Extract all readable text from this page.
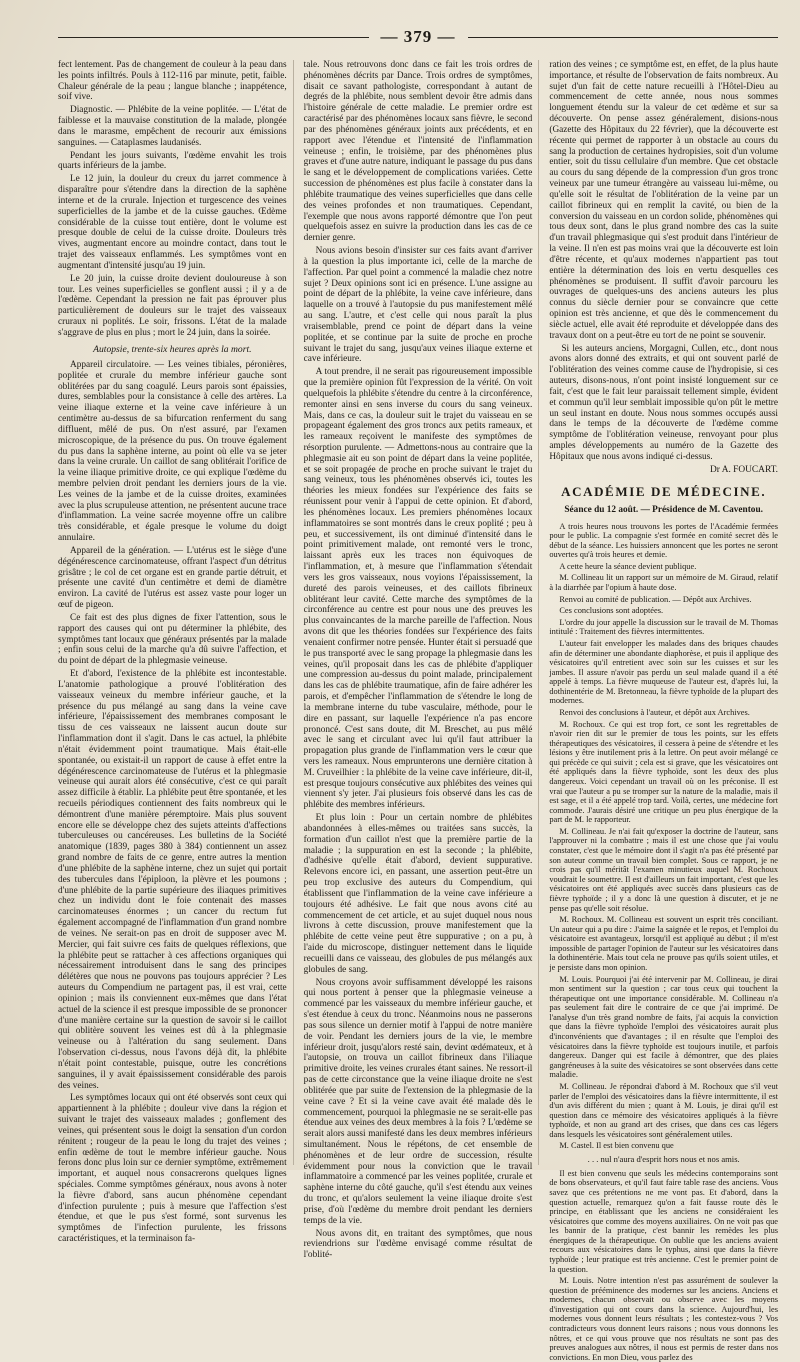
— 379 —

fect lentement. Pas de changement de couleur à la peau dans les points infiltrés. Pouls à 112-116 par minute, petit, faible. Chaleur générale de la peau ; langue blanche ; inappétence, soif vive.

Diagnostic. — Phlébite de la veine poplitée. — L'état de faiblesse et la mauvaise constitution de la malade, plongée dans le marasme, empêchent de recourir aux émissions sanguines. — Cataplasmes laudanisés.

Pendant les jours suivants, l'œdème envahit les trois quarts inférieurs de la jambe.

Le 12 juin, la douleur du creux du jarret commence à disparaître pour s'étendre dans la direction de la saphène interne et de la crurale. Injection et turgescence des veines superficielles de la jambe et de la cuisse gauches. Œdème considérable de la cuisse tout entière, dont le volume est presque double de celui de la cuisse droite. Douleurs très vives, augmentant encore au moindre contact, dans tout le trajet des vaisseaux enflammés. Les symptômes vont en augmentant d'intensité jusqu'au 19 juin.

Le 20 juin, la cuisse droite devient douloureuse à son tour. Les veines superficielles se gonflent aussi ; il y a de l'œdème. Cependant la pression ne fait pas éprouver plus particulièrement de douleurs sur le trajet des vaisseaux cruraux ni poplités. Le soir, frissons. L'état de la malade s'aggrave de plus en plus ; mort le 24 juin, dans la soirée.

Autopsie, trente-six heures après la mort.

Appareil circulatoire. — Les veines tibiales, péronières, poplitée et crurale du membre inférieur gauche sont oblitérées par du sang coagulé. Leurs parois sont épaissies, dures, semblables pour la consistance à celle des artères. La veine iliaque externe et la veine cave inférieure à un centimètre au-dessus de sa bifurcation renferment du sang diffluent, mêlé de pus. On n'est assuré, par l'examen microscopique, de la présence du pus. On trouve également du pus dans la saphène interne, au point où elle va se jeter dans la veine crurale. Un caillot de sang oblitérait l'orifice de la veine iliaque primitive droite, ce qui explique l'œdème du membre pelvien droit pendant les derniers jours de la vie. Les veines de la jambe et de la cuisse droites, examinées avec la plus scrupuleuse attention, ne présentent aucune trace d'inflammation. La veine sacrée moyenne offre un calibre très considérable, et égale presque le volume du doigt annulaire.

Appareil de la génération. — L'utérus est le siège d'une dégénérescence carcinomateuse, offrant l'aspect d'un détritus grisâtre ; le col de cet organe est en grande partie détruit, et présente une cavité d'un centimètre et demi de diamètre environ. La cavité de l'utérus est assez vaste pour loger un œuf de pigeon.

Ce fait est des plus dignes de fixer l'attention, sous le rapport des causes qui ont pu déterminer la phlébite, des symptômes tant locaux que généraux présentés par la malade ; enfin sous celui de la marche qu'a dû suivre l'affection, et du point de départ de la phlegmasie veineuse.

Et d'abord, l'existence de la phlébite est incontestable. L'anatomie pathologique a prouvé l'oblitération des vaisseaux veineux du membre inférieur gauche, et la présence du pus mélangé au sang dans la veine cave inférieure, l'épaississement des membranes composant le tissu de ces vaisseaux ne laissent aucun doute sur l'inflammation dont il s'agit. Dans le cas actuel, la phlébite n'était évidemment point traumatique. Mais était-elle spontanée, ou existait-il un rapport de cause à effet entre la dégénérescence carcinomateuse de l'utérus et la phlegmasie veineuse qui aurait alors été consécutive, c'est ce qui paraît assez difficile à établir. La phlébite peut être spontanée, et les recueils périodiques contiennent des faits nombreux qui le démontrent d'une manière péremptoire. Mais plus souvent encore elle se développe chez des sujets atteints d'affections tuberculeuses ou cancéreuses. Les bulletins de la Société anatomique (1839, pages 380 à 384) contiennent un assez grand nombre de faits de ce genre, entre autres la mention d'une phlébite de la saphène interne, chez un sujet qui portait des tubercules dans l'épiploon, la plèvre et les poumons ; d'une phlébite de la partie supérieure des iliaques primitives chez un individu dont le foie contenait des masses carcinomateuses énormes ; un cancer du rectum fut également accompagné de l'inflammation d'un grand nombre de veines. Ne serait-on pas en droit de supposer avec M. Mercier, qui fait suivre ces faits de quelques réflexions, que la phlébite peut se rattacher à ces affections organiques qui nécessairement introduisent dans le sang des principes délétères que nous ne pouvons pas toujours apprécier ? Les auteurs du Compendium ne partagent pas, il est vrai, cette opinion ; mais ils conviennent eux-mêmes que dans l'état actuel de la science il est presque impossible de se prononcer d'une manière certaine sur la question de savoir si le caillot qui oblitère souvent les veines est dû à la phlegmasie veineuse ou à l'altération du sang seulement. Dans l'observation ci-dessus, nous l'avons déjà dit, la phlébite n'était point contestable, puisque, outre les concrétions sanguines, il y avait épaississement considérable des parois des veines.

Les symptômes locaux qui ont été observés sont ceux qui appartiennent à la phlébite ; douleur vive dans la région et suivant le trajet des vaisseaux malades ; gonflement des veines, qui présentent sous le doigt la sensation d'un cordon rénitent ; rougeur de la peau le long du trajet des veines ; enfin œdème de tout le membre inférieur gauche. Nous ferons donc plus loin sur ce dernier symptôme, extrêmement important, et auquel nous consacrerons quelques lignes spéciales. Comme symptômes généraux, nous avons à noter la fièvre d'abord, sans aucun phénomène cependant d'infection purulente ; puis à mesure que l'affection s'est étendue, et que le pus s'est formé, sont survenus les symptômes de l'infection purulente, les frissons caractéristiques, et la terminaison fa-

tale. Nous retrouvons donc dans ce fait les trois ordres de phénomènes décrits par Dance. Trois ordres de symptômes, disait ce savant pathologiste, correspondant à autant de degrés de la phlébite, nous semblent devoir être admis dans l'histoire générale de cette maladie. Le premier ordre est caractérisé par des phénomènes locaux sans fièvre, le second par des phénomènes généraux joints aux précédents, et en rapport avec l'étendue et l'intensité de l'inflammation veineuse ; enfin, le troisième, par des phénomènes plus graves et d'une autre nature, indiquant le passage du pus dans le sang et le développement de complications variées. Cette succession de phénomènes est plus facile à constater dans la phlébite traumatique des veines superficielles que dans celle des veines profondes et non traumatiques. Cependant, l'exemple que nous avons rapporté démontre que l'on peut quelquefois assez en suivre la production dans les cas de ce dernier genre.

Nous avions besoin d'insister sur ces faits avant d'arriver à la question la plus importante ici, celle de la marche de l'affection. Par quel point a commencé la maladie chez notre sujet ? Deux opinions sont ici en présence. L'une assigne au point de départ de la phlébite, la veine cave inférieure, dans laquelle on a trouvé à l'autopsie du pus manifestement mêlé au sang. L'autre, et c'est celle qui nous paraît la plus vraisemblable, prend ce point de départ dans la veine poplitée, et se continue par la suite de proche en proche suivant le trajet du sang, jusqu'aux veines iliaque externe et cave inférieure.

A tout prendre, il ne serait pas rigoureusement impossible que la première opinion fût l'expression de la vérité. On voit quelquefois la phlébite s'étendre du centre à la circonférence, remonter ainsi en sens inverse du cours du sang veineux. Mais, dans ce cas, la douleur suit le trajet du vaisseau en se propageant également des gros troncs aux petits rameaux, et les rameaux reçoivent le manifeste des symptômes de résorption purulente. — Admettons-nous au contraire que la phlegmasie ait eu son point de départ dans la veine poplitée, et se soit propagée de proche en proche suivant le trajet du sang veineux, tous les phénomènes observés ici, toutes les théories les mieux fondées sur l'expérience des faits se réunissent pour venir à l'appui de cette opinion. Et d'abord, les phénomènes locaux. Les premiers phénomènes locaux inflammatoires se sont montrés dans le creux poplité ; peu à peu, et successivement, ils ont diminué d'intensité dans le point primitivement malade, ont remonté vers le tronc, laissant après eux les traces non équivoques de l'inflammation, et, à mesure que l'inflammation s'étendait vers les gros vaisseaux, nous voyions l'épaississement, la dureté des parois veineuses, et des caillots fibrineux oblitérant leur cavité. Cette marche des symptômes de la circonférence au centre est pour nous une des preuves les plus convaincantes de la marche pareille de l'affection. Nous avons dit que les théories fondées sur l'expérience des faits venaient confirmer notre pensée. Hunter était si persuadé que le pus transporté avec le sang propage la phlegmasie dans les veines, qu'il proposait dans les cas de phlébite d'appliquer une compression au-dessus du point malade, principalement dans les cas de phlébite traumatique, afin de faire adhérer les parois, et d'empêcher l'inflammation de s'étendre le long de la membrane interne du tube vasculaire, méthode, pour le dire en passant, sur laquelle l'expérience n'a pas encore prononcé. C'est sans doute, dit M. Breschet, au pus mêlé avec le sang et circulant avec lui qu'il faut attribuer la propagation plus grande de l'inflammation vers le cœur que vers les rameaux. Nous emprunterons une dernière citation à M. Cruveilhier : la phlébite de la veine cave inférieure, dit-il, est presque toujours consécutive aux phlébites des veines qui viennent s'y jeter. J'ai plusieurs fois observé dans les cas de phlébite des membres inférieurs.

Et plus loin : Pour un certain nombre de phlébites abandonnées à elles-mêmes ou traitées sans succès, la formation d'un caillot n'est que la première partie de la maladie ; la suppuration en est la seconde ; la phlébite, d'adhésive qu'elle était d'abord, devient suppurative. Relevons encore ici, en passant, une assertion peut-être un peu trop exclusive des auteurs du Compendium, qui établissent que l'inflammation de la veine cave inférieure a toujours été adhésive. Le fait que nous avons cité au commencement de cet article, et au sujet duquel nous nous livrons à cette discussion, prouve manifestement que la phlébite de cette veine peut être suppurative ; on a pu, à l'aide du microscope, distinguer nettement dans le liquide recueilli dans ce vaisseau, des globules de pus mélangés aux globules de sang.

Nous croyons avoir suffisamment développé les raisons qui nous portent à penser que la phlegmasie veineuse a commencé par les vaisseaux du membre inférieur gauche, et s'est étendue à ceux du tronc. Néanmoins nous ne passerons pas sous silence un dernier motif à l'appui de notre manière de voir. Pendant les derniers jours de la vie, le membre inférieur droit, jusqu'alors resté sain, devint œdémateux, et à l'autopsie, on trouva un caillot fibrineux dans l'iliaque primitive droite, les veines crurales étant saines. Ne ressort-il pas de cette circonstance que la veine iliaque droite ne s'est oblitérée que par suite de l'extension de la phlegmasie de la veine cave ? Et si la veine cave avait été malade dès le commencement, pourquoi la phlegmasie ne se serait-elle pas étendue aux veines des deux membres à la fois ? L'œdème se serait alors aussi manifesté dans les deux membres inférieurs simultanément. Nous le répétons, de cet ensemble de phénomènes et de leur ordre de succession, résulte évidemment pour nous la conviction que le travail inflammatoire a commencé par les veines poplitée, crurale et saphène interne du côté gauche, qu'il s'est étendu aux veines du tronc, et qu'alors seulement la veine iliaque droite s'est prise, d'où l'œdème du membre droit pendant les derniers temps de la vie.

Nous avons dit, en traitant des symptômes, que nous reviendrions sur l'œdème envisagé comme résultat de l'oblité-

ration des veines ; ce symptôme est, en effet, de la plus haute importance, et résulte de l'observation de faits nombreux. Au sujet d'un fait de cette nature recueilli à l'Hôtel-Dieu au commencement de cette année, nous nous sommes longuement étendu sur la valeur de cet œdème et sur sa découverte. On pense assez généralement, disions-nous (Gazette des Hôpitaux du 22 février), que la découverte est récente qui permet de rapporter à un obstacle au cours du sang la production de certaines hydropisies, soit d'un volume entier, soit du tissu cellulaire d'un membre. Que cet obstacle au cours du sang dépende de la compression d'un gros tronc veineux par une tumeur étrangère au vaisseau lui-même, ou qu'elle soit le résultat de l'oblitération de la veine par un caillot fibrineux qui en remplit la cavité, ou bien de la conversion du vaisseau en un cordon solide, phénomènes qui tous deux sont, dans le plus grand nombre des cas la suite d'un travail phlegmasique qui s'est produit dans l'intérieur de la veine. Il n'en est pas moins vrai que la découverte est loin d'être récente, et qu'aux modernes n'appartient pas tout entière la détermination des lois en vertu desquelles ces phénomènes se produisent. Il suffit d'avoir parcouru les ouvrages de quelques-uns des anciens auteurs les plus connus du siècle dernier pour se convaincre que cette opinion est très ancienne, et que dès le commencement du siècle actuel, elle avait été reproduite et développée dans des travaux dont on a peut-être eu tort de ne point se souvenir.

Si les auteurs anciens, Morgagni, Cullen, etc., dont nous avons alors donné des extraits, et qui ont souvent parlé de l'oblitération des veines comme cause de l'hydropisie, si ces auteurs, disons-nous, n'ont point insisté longuement sur ce fait, c'est que le fait leur paraissait tellement simple, évident et commun qu'il leur semblait impossible qu'on pût le mettre un seul instant en doute. Nous nous sommes occupés aussi dans le temps de la découverte de l'œdème comme symptôme de l'oblitération veineuse, renvoyant pour plus amples développements au numéro de la Gazette des Hôpitaux que nous avons indiqué ci-dessus.

Dr A. FOUCART.
ACADÉMIE DE MÉDECINE.
Séance du 12 août. — Présidence de M. Caventou.

A trois heures nous trouvons les portes de l'Académie fermées pour le public. La compagnie s'est formée en comité secret dès le début de la séance. Les huissiers annoncent que les portes ne seront ouvertes qu'à trois heures et demie.

A cette heure la séance devient publique.

M. Collineau lit un rapport sur un mémoire de M. Giraud, relatif à la diarrhée par l'opium à haute dose.

Renvoi au comité de publication. — Dépôt aux Archives.

Ces conclusions sont adoptées.

L'ordre du jour appelle la discussion sur le travail de M. Thomas intitulé : Traitement des fièvres intermittentes.

L'auteur fait envelopper les malades dans des briques chaudes afin de déterminer une abondante diaphorèse, et puis il applique des vésicatoires qu'il entretient avec soin sur les cuisses et sur les jambes. Il assure n'avoir pas perdu un seul malade quand il a été appelé à temps. La fièvre muqueuse de l'auteur est, d'après lui, la dothinentérie de M. Bretonneau, la fièvre typhoïde de la plupart des modernes.

Renvoi des conclusions à l'auteur, et dépôt aux Archives.

M. Rochoux. Ce qui est trop fort, ce sont les regrettables de n'avoir rien dit sur le premier de tous les points, sur les effets thérapeutiques des vésicatoires, il cessera à peine de s'étendre et les lésions y être inutilement pris à la lettre. On peut avoir mélangé ce qui précède ce qui suivit ; cela est si grave, que les vésicatoires ont été appliqués dans la fièvre typhoïde, sont les deux des plus dangereux. Voici cependant un travail où on les préconise. Il est vrai que l'auteur a pu se tromper sur la nature de la maladie, mais il est sage, et il a été appelé trop tard. Voilà, certes, une médecine fort commode. J'aurais désiré une critique un peu plus énergique de la part de M. le rapporteur.

M. Collineau. Je n'ai fait qu'exposer la doctrine de l'auteur, sans l'approuver ni la combattre ; mais il est une chose que j'ai voulu constater, c'est que le mémoire dont il s'agit n'a pas été présenté par son auteur comme un travail bien complet. Sous ce rapport, je ne crois pas qu'il méritât l'examen minutieux auquel M. Rochoux voudrait le soumettre. Il est d'ailleurs un fait important, c'est que les vésicatoires ont été appliqués avec succès dans plusieurs cas de fièvre typhoïde ; il y a donc là une question à discuter, et je ne pense pas qu'elle soit résolue.

M. Rochoux. M. Collineau est souvent un esprit très conciliant. Un auteur qui a pu dire : J'aime la saignée et le repos, et l'emploi du vésicatoire est avantageux, lorsqu'il est appliqué au début ; il m'est impossible de partager l'opinion de l'auteur sur les vésicatoires dans la dothinentérie. Mais tout cela ne prouve pas qu'ils soient utiles, et je persiste dans mon opinion.

M. Louis. Pourquoi j'ai été intervenir par M. Collineau, je dirai mon sentiment sur la question ; car tous ceux qui touchent la thérapeutique ont une importance considérable. M. Collineau n'a pas seulement fait dire le contraire de ce que j'ai imprimé. De l'analyse d'un très grand nombre de faits, j'ai acquis la conviction que dans la fièvre typhoïde l'emploi des vésicatoires aurait plus d'inconvénients que d'avantages ; il en résulte que l'emploi des vésicatoires dans la fièvre typhoïde est toujours inutile, et parfois dangereux. Danger qui est facile à démontrer, que des plaies gangréneuses à la suite des vésicatoires se sont observées dans cette maladie.

M. Collineau. Je répondrai d'abord à M. Rochoux que s'il veut parler de l'emploi des vésicatoires dans la fièvre intermittente, il est d'un avis différent du mien ; quant à M. Louis, je dirai qu'il est question dans ce mémoire des vésicatoires appliqués à la fièvre typhoïde, et non au grand art des crises, que dans ces cas légers dans lesquels les vésicatoires sont généralement utiles.

M. Castel. Il est bien convenu que

. . . nul n'aura d'esprit hors nous et nos amis.

Il est bien convenu que seuls les médecins contemporains sont de bons observateurs, et qu'il faut faire table rase des anciens. Vous savez que ces prétentions ne me vont pas. Et d'abord, dans la question actuelle, remarquez qu'on a fait fausse route dès le principe, en établissant que les anciens ne considéraient les vésicatoires que comme des moyens auxiliaires. On ne voit pas que les bannir de la pratique, c'est bannir les remèdes les plus énergiques de la thérapeutique. On oublie que les anciens avaient recours aux vésicatoires dans le typhus, ainsi que dans la fièvre typhoïde ; leur pratique est très ancienne. C'est le premier point de la question.

M. Louis. Notre intention n'est pas assurément de soulever la question de prééminence des modernes sur les anciens. Anciens et modernes, chacun observait ou observe avec les moyens d'investigation qui ont cours dans la science. Aujourd'hui, les modernes vous donnent leurs résultats ; les contestez-vous ? Vos contradicteurs vous donnent leurs raisons ; nous vous donnons les nôtres, et ce qui vous prouve que nos résultats ne sont pas des preuves analogues aux nôtres, il nous est permis de rester dans nos convictions. En mon Dieu, vous parlez des
